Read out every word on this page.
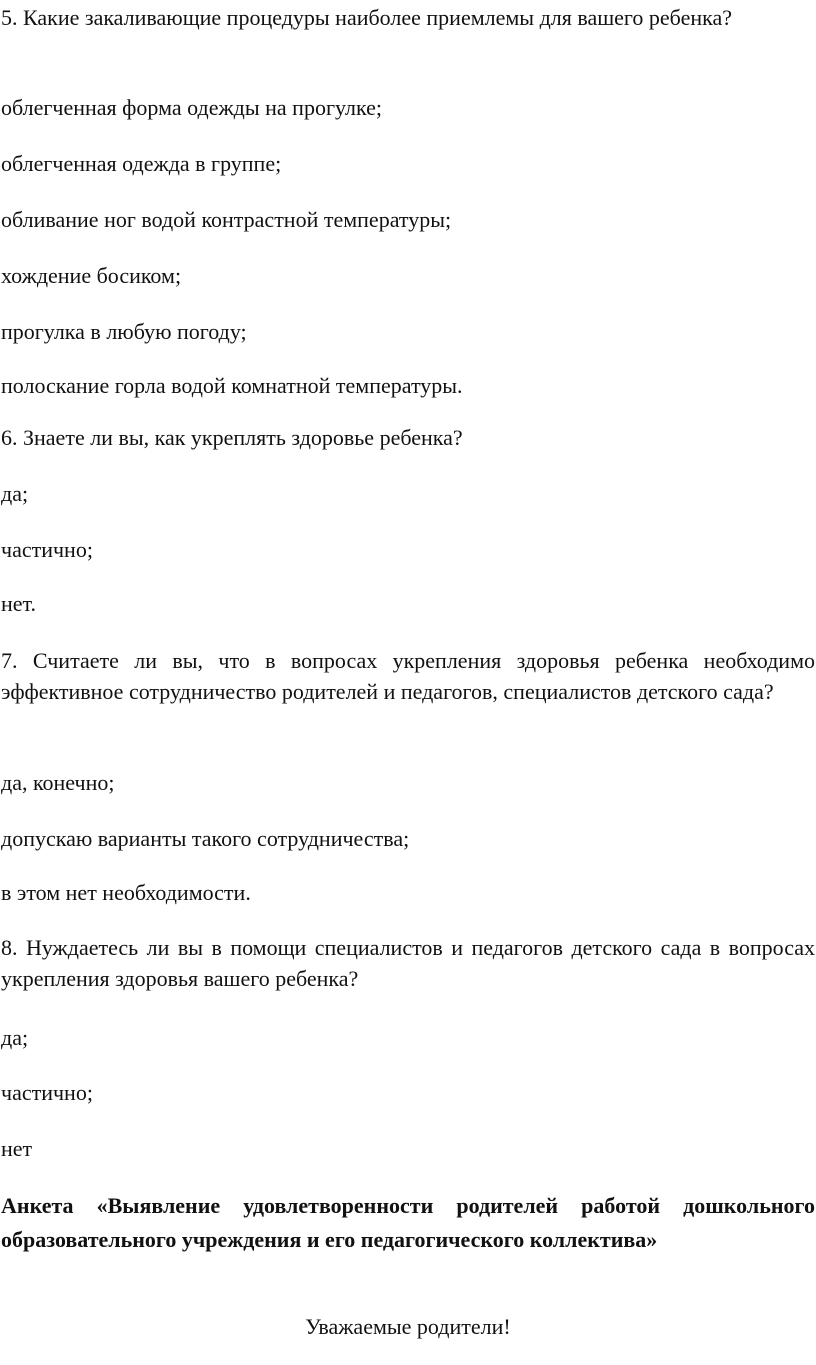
5. Какие закаливающие процедуры наиболее приемлемы для вашего ребенка?
облегченная форма одежды на прогулке;
облегченная одежда в группе;
обливание ног водой контрастной температуры;
хождение босиком;
прогулка в любую погоду;
полоскание горла водой комнатной температуры.
6. Знаете ли вы, как укреплять здоровье ребенка?
да;
частично;
нет.
7. Считаете ли вы, что в вопросах укрепления здоровья ребенка необходимо эффективное сотрудничество родителей и педагогов, специалистов детского сада?
да, конечно;
допускаю варианты такого сотрудничества;
в этом нет необходимости.
8. Нуждаетесь ли вы в помощи специалистов и педагогов детского сада в вопросах укрепления здоровья вашего ребенка?
да;
частично;
нет
Анкета «Выявление удовлетворенности родителей работой дошкольного образовательного учреждения и его педагогического коллектива»
Уважаемые родители!
